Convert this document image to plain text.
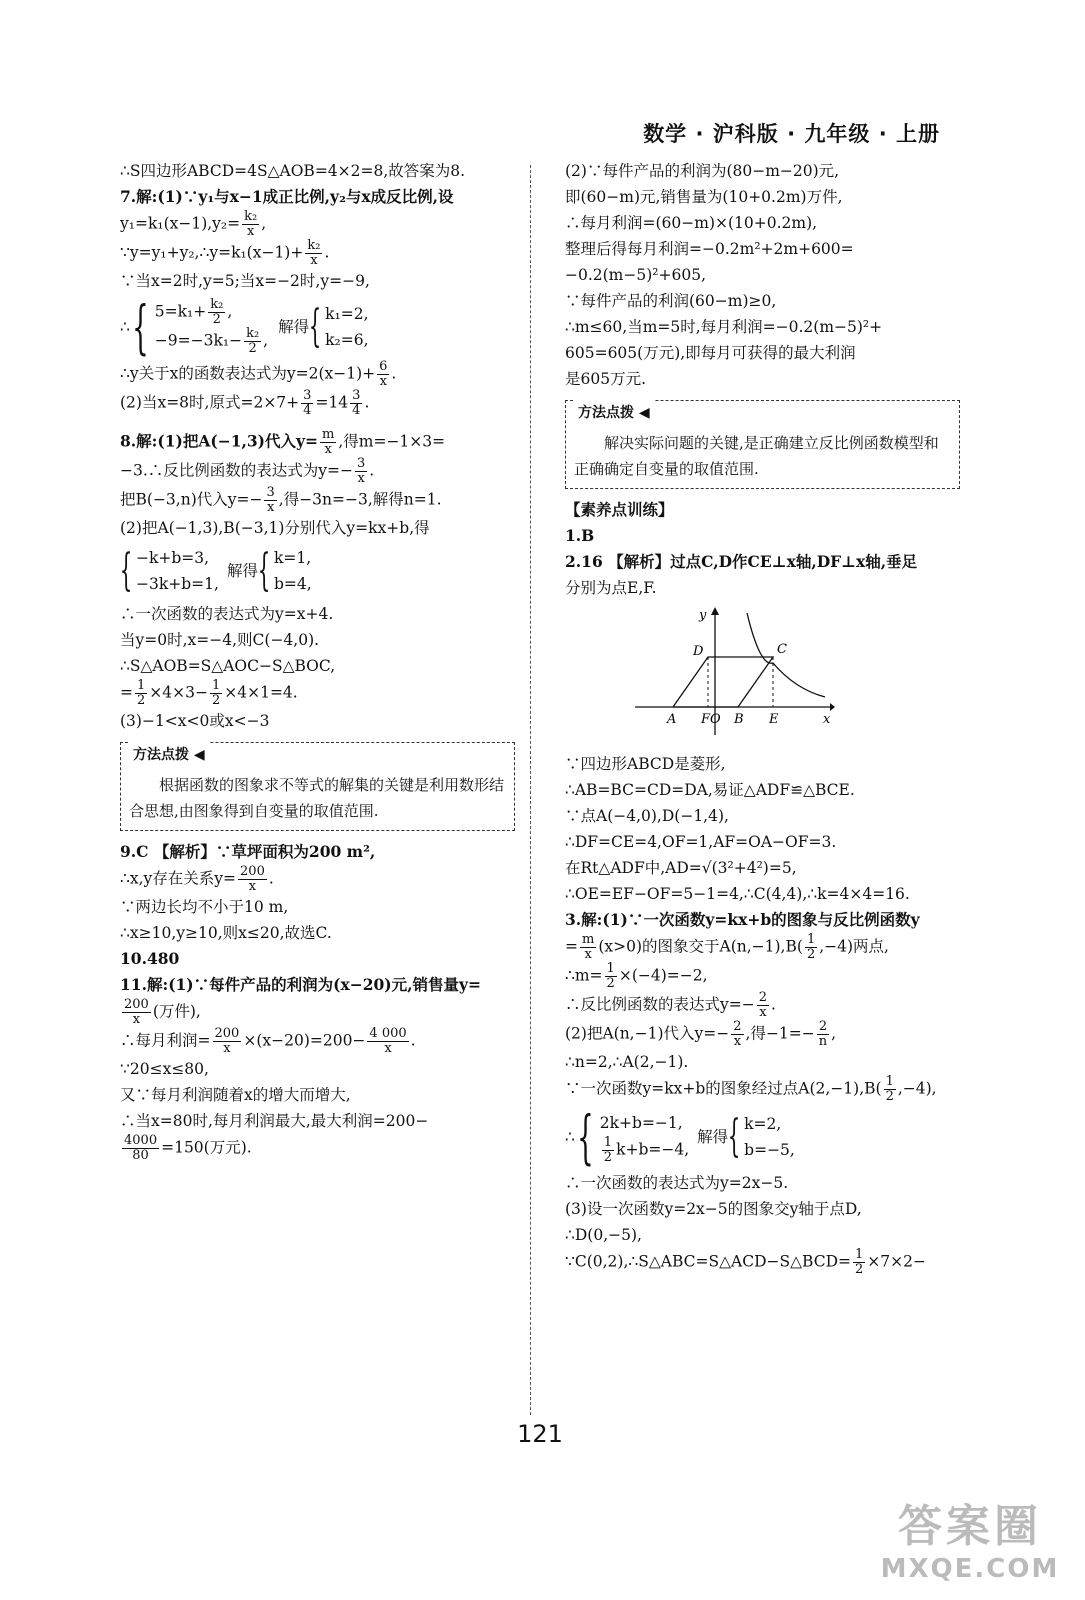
数学 · 沪科版 · 九年级 · 上册
∴S四边形ABCD=4S△AOB=4×2=8,故答案为8.
7.解:(1)∵y₁与x−1成正比例,y₂与x成反比例,设
$y_1=k_1(x-1),y_2= \frac{\text{k₂}}{x}$ ,
∵y=y₁+y₂,∴y=k₁(x−1)+ $\frac{\text{k₂}}{x}$ .
∵当x=2时,y=5;当x=−2时,y=−9,
∴ { $5=k_1+ \frac{\text{k₂}}{2}$ ,
$-9=-3k_1- \frac{\text{k₂}}{2}$ ,
解得 { k₁=2,
k₂=6,
∴y关于x的函数表达式为$y=2(x-1)+ \frac{6}{x}$ .
(2)当x=8时,原式$=2\times 7+ \frac{3}{4} =14 \frac{3}{4}$ .
8.解:(1)把A(−1,3)代入$y= \frac{m}{x}$ ,得m=−1×3=
−3.∴反比例函数的表达式为$y=- \frac{3}{x}$ .
把B(−3,n)代入$y=- \frac{3}{x}$ ,得−3n=−3,解得n=1.
(2)把A(−1,3),B(−3,1)分别代入y=kx+b,得
{ −k+b=3,
−3k+b=1,
解得 { k=1,
b=4,
∴一次函数的表达式为y=x+4.
当y=0时,x=−4,则C(−4,0).
∴S△AOB=S△AOC−S△BOC,
= $\frac{1}{2} \times 4\times 3- \frac{1}{2} \times 4\times 1=4$.
(3)−1<x<0或x<−3
方法点拨 ◀
根据函数的图象求不等式的解集的关键是利用数形结合思想,由图象得到自变量的取值范围.
9.C 【解析】∵草坪面积为200 m²,
∴x,y存在关系$y= \frac{200}{x}$ .
∵两边长均不小于10 m,
∴x≥10,y≥10,则x≤20,故选C.
10.480
11.解:(1)∵每件产品的利润为(x−20)元,销售量y=
$\frac{200}{x}$ (万件),
∴每月利润= $\frac{200}{x} \times(x-20)=200- \frac{4 000}{x}$ .
∵20≤x≤80,
又∵每月利润随着x的增大而增大,
∴当x=80时,每月利润最大,最大利润=200−
$\frac{4000}{80} =150$(万元).
(2)∵每件产品的利润为(80−m−20)元,
即(60−m)元,销售量为(10+0.2m)万件,
∴每月利润=(60−m)×(10+0.2m),
整理后得每月利润=−0.2m²+2m+600=
−0.2(m−5)²+605,
∵每件产品的利润(60−m)≥0,
∴m≤60,当m=5时,每月利润=−0.2(m−5)²+
605=605(万元),即每月可获得的最大利润
是605万元.
方法点拨 ◀
解决实际问题的关键,是正确建立反比例函数模型和正确确定自变量的取值范围.
【素养点训练】
1.B
2.16 【解析】过点C,D作CE⊥x轴,DF⊥x轴,垂足
分别为点E,F.
y
x
D	C
A FO B E
∵四边形ABCD是菱形,
∴AB=BC=CD=DA,易证△ADF≌△BCE.
∵点A(−4,0),D(−1,4),
∴DF=CE=4,OF=1,AF=OA−OF=3.
在Rt△ADF中,AD=√(3²+4²)=5,
∴OE=EF−OF=5−1=4,∴C(4,4),∴k=4×4=16.
3.解:(1)∵一次函数y=kx+b的图象与反比例函数y
= $\frac{m}{x} (x>0)$的图象交于$A(n,-1),B( \frac{1}{2} ,-4)$两点,
∴m= $\frac{1}{2} \times(-4)=-2$,
∴反比例函数的表达式$y=- \frac{2}{x}$ .
(2)把A(n,−1)代入$y=- \frac{2}{x}$ ,得$-1=- \frac{2}{n}$ ,
∴n=2,∴A(2,−1).
∵一次函数y=kx+b的图象经过点$A(2,-1),B( \frac{1}{2} ,-4)$,
∴ { 2k+b=−1,
$\frac{1}{2} k+b=-4$,
解得 { k=2,
b=−5,
∴一次函数的表达式为y=2x−5.
(3)设一次函数y=2x−5的图象交y轴于点D,
∴D(0,−5),
∵C(0,2),∴S△ABC=S△ACD−S△BCD= $\frac{1}{2} \times 7\times 2-$
121
答案圈
MXQE.COM
